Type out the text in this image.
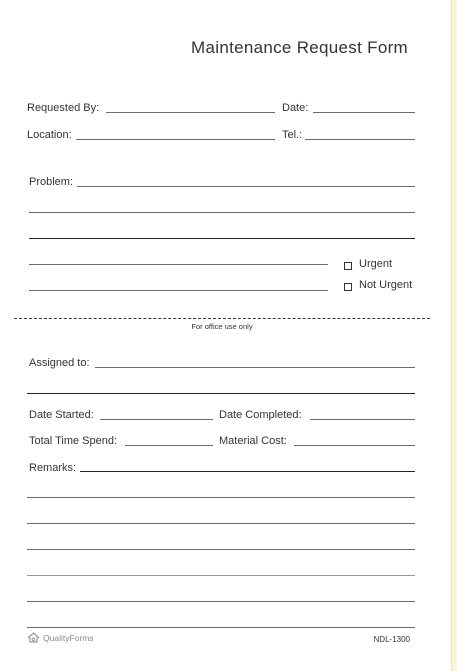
Maintenance Request Form
Requested By:	Date:
Location:	Tel.:
Problem:
Urgent
Not Urgent
For office use only
Assigned to:
Date Started:	Date Completed:
Total Time Spend:	Material Cost:
Remarks:
QualityForms	NDL-1300
